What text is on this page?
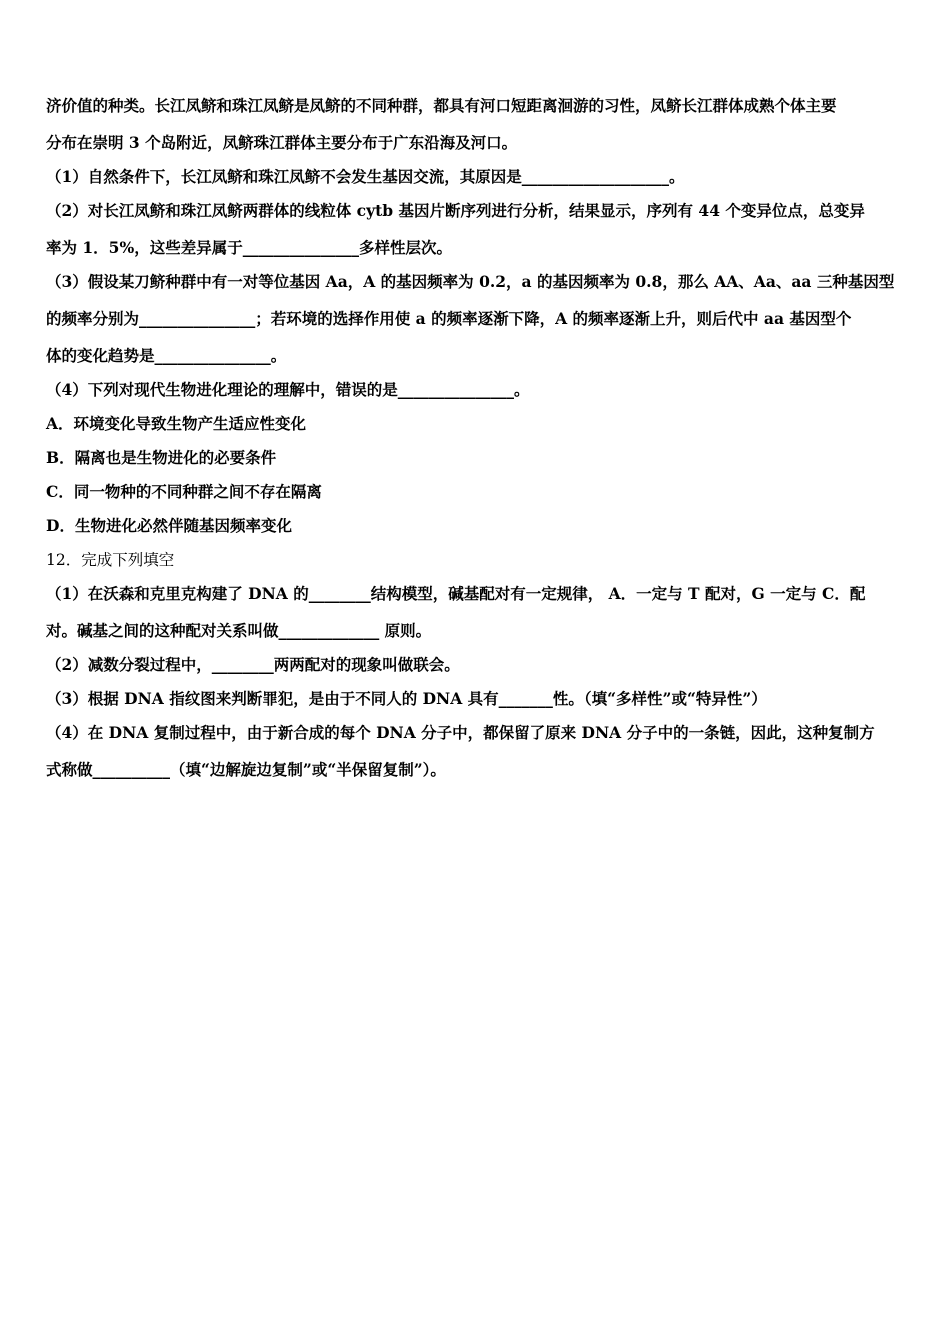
济价值的种类。长江凤鲚和珠江凤鲚是凤鲚的不同种群，都具有河口短距离洄游的习性，凤鲚长江群体成熟个体主要

分布在崇明 3 个岛附近，凤鲚珠江群体主要分布于广东沿海及河口。

（1）自然条件下，长江凤鲚和珠江凤鲚不会发生基因交流，其原因是___________________。

（2）对长江凤鲚和珠江凤鲚两群体的线粒体 cytb 基因片断序列进行分析，结果显示，序列有 44 个变异位点，总变异

率为 1．5%，这些差异属于_______________多样性层次。

（3）假设某刀鲚种群中有一对等位基因 Aa，A 的基因频率为 0.2，a 的基因频率为 0.8，那么 AA、Aa、aa 三种基因型

的频率分别为_______________；若环境的选择作用使 a 的频率逐渐下降，A 的频率逐渐上升，则后代中 aa 基因型个

体的变化趋势是_______________。

（4）下列对现代生物进化理论的理解中，错误的是_______________。

A．环境变化导致生物产生适应性变化

B．隔离也是生物进化的必要条件

C．同一物种的不同种群之间不存在隔离

D．生物进化必然伴随基因频率变化

12．完成下列填空

（1）在沃森和克里克构建了 DNA 的________结构模型，碱基配对有一定规律， A．一定与 T 配对，G 一定与 C．配

对。碱基之间的这种配对关系叫做_____________ 原则。

（2）减数分裂过程中，________两两配对的现象叫做联会。

（3）根据 DNA 指纹图来判断罪犯，是由于不同人的 DNA 具有_______性。（填“多样性”或“特异性”）

（4）在 DNA 复制过程中，由于新合成的每个 DNA 分子中，都保留了原来 DNA 分子中的一条链，因此，这种复制方

式称做__________（填“边解旋边复制”或“半保留复制”）。
